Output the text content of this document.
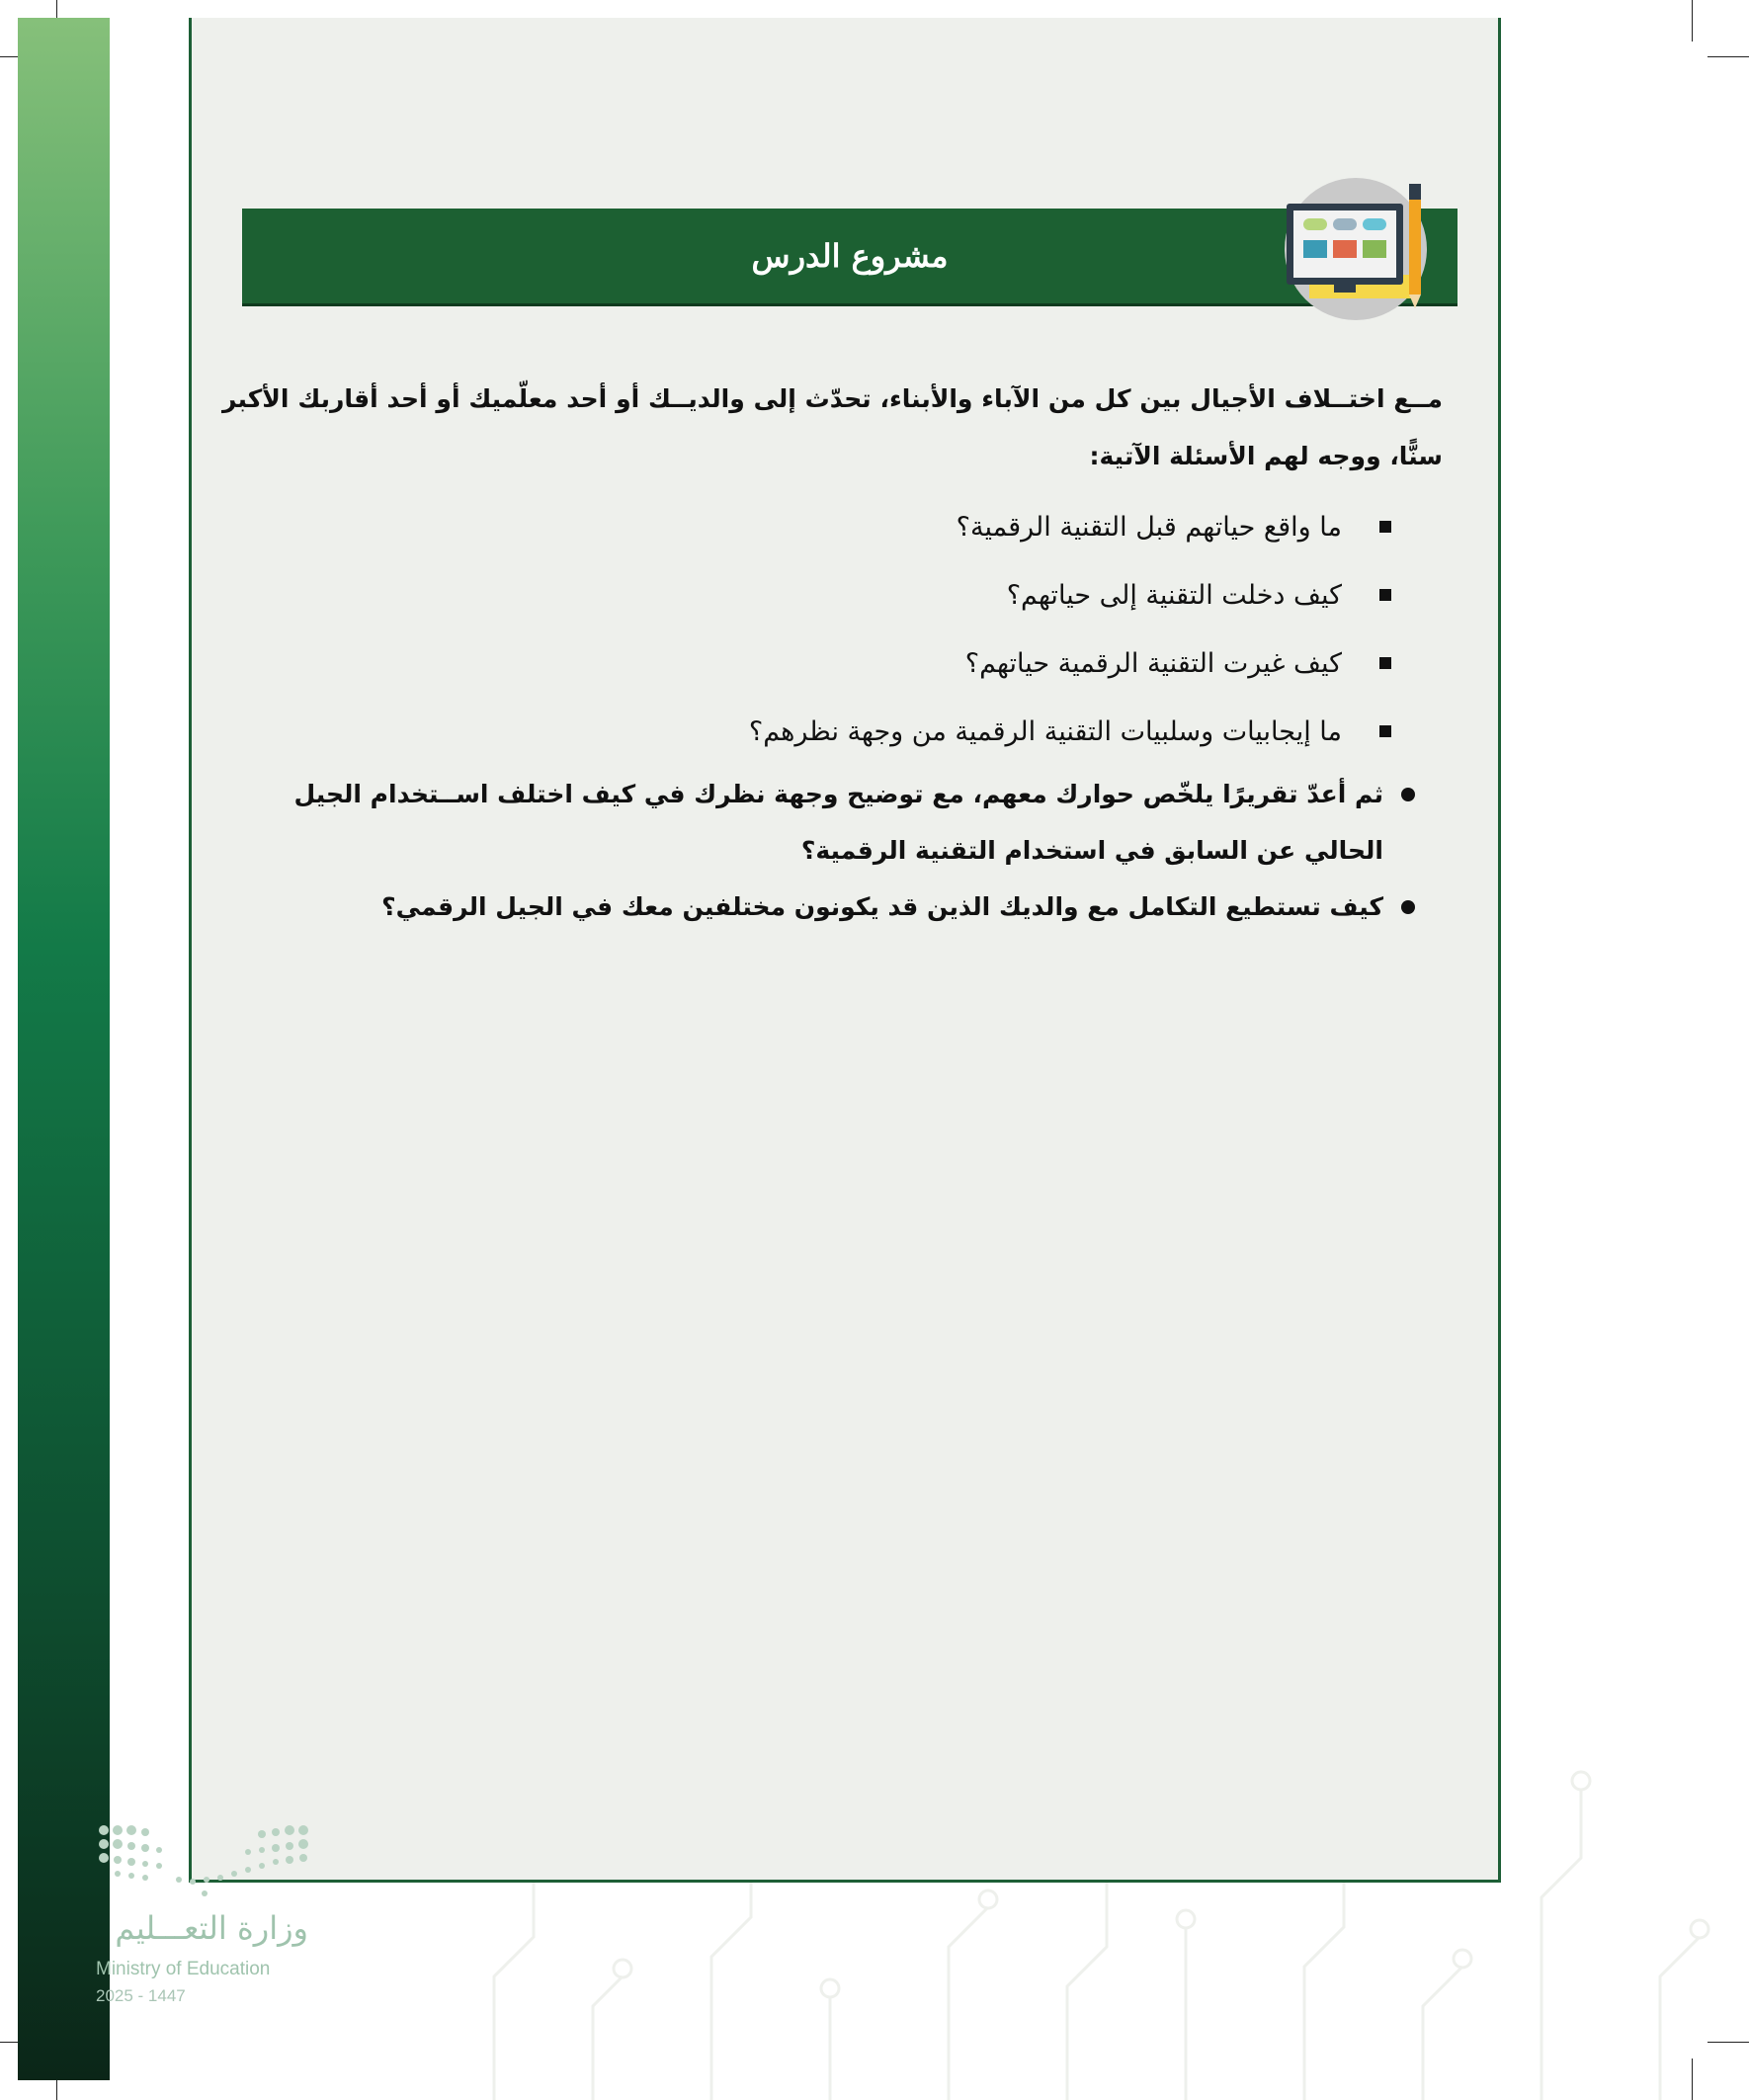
مشروع الدرس

مــع اختــلاف الأجيال بين كل من الآباء والأبناء، تحدّث إلى والديــك أو أحد معلّميك أو أحد أقاربك الأكبر سنًّا، ووجه لهم الأسئلة الآتية:

ما واقع حياتهم قبل التقنية الرقمية؟
كيف دخلت التقنية إلى حياتهم؟
كيف غيرت التقنية الرقمية حياتهم؟
ما إيجابيات وسلبيات التقنية الرقمية من وجهة نظرهم؟
ثم أعدّ تقريرًا يلخّص حوارك معهم، مع توضيح وجهة نظرك في كيف اختلف اســتخدام الجيل الحالي عن السابق في استخدام التقنية الرقمية؟
كيف تستطيع التكامل مع والديك الذين قد يكونون مختلفين معك في الجيل الرقمي؟
وزارة التعـــليم
Ministry of Education
2025 - 1447
